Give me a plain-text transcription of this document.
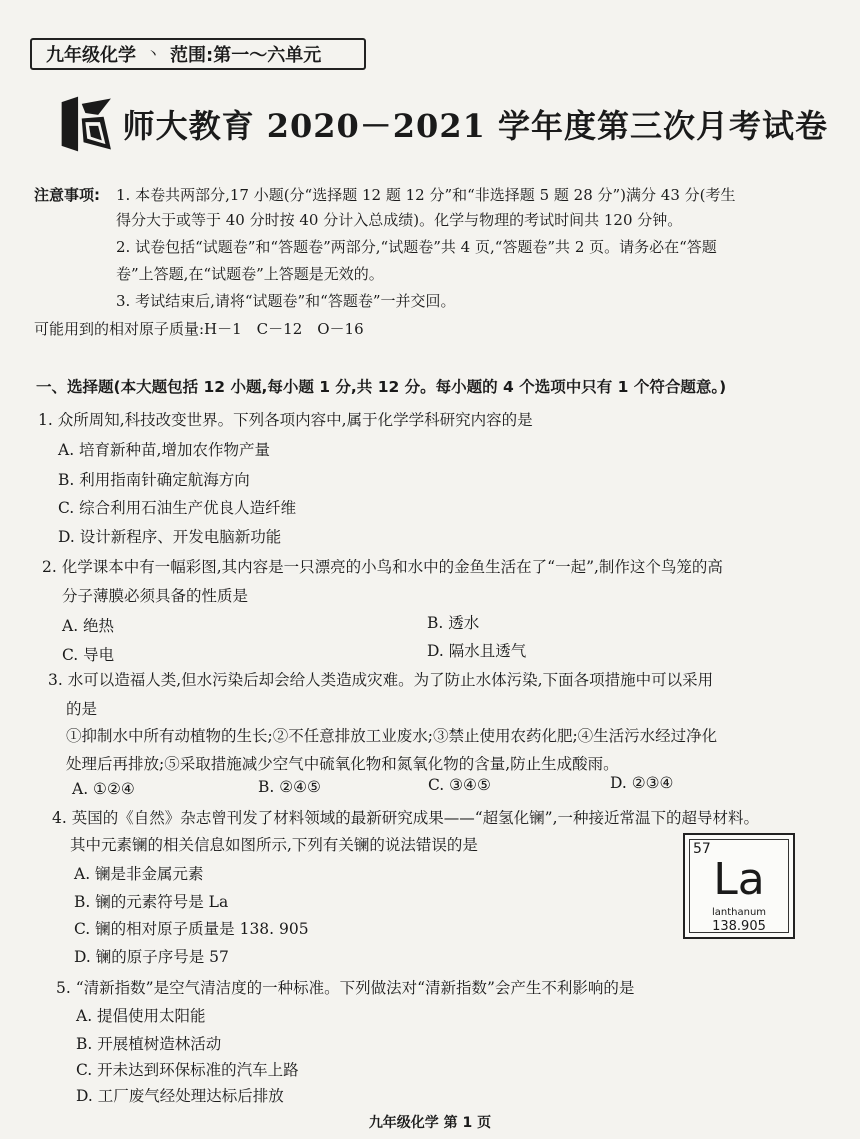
九年级化学 丶 范围:第一～六单元
师大教育 2020－2021 学年度第三次月考试卷
注意事项: 1. 本卷共两部分,17 小题(分“选择题 12 题 12 分”和“非选择题 5 题 28 分”)满分 43 分(考生
得分大于或等于 40 分时按 40 分计入总成绩)。化学与物理的考试时间共 120 分钟。
2. 试卷包括“试题卷”和“答题卷”两部分,“试题卷”共 4 页,“答题卷”共 2 页。请务必在“答题
卷”上答题,在“试题卷”上答题是无效的。
3. 考试结束后,请将“试题卷”和“答题卷”一并交回。
可能用到的相对原子质量:H－1　C－12　O－16
一、选择题(本大题包括 12 小题,每小题 1 分,共 12 分。每小题的 4 个选项中只有 1 个符合题意。)
1. 众所周知,科技改变世界。下列各项内容中,属于化学学科研究内容的是
A. 培育新种苗,增加农作物产量
B. 利用指南针确定航海方向
C. 综合利用石油生产优良人造纤维
D. 设计新程序、开发电脑新功能
2. 化学课本中有一幅彩图,其内容是一只漂亮的小鸟和水中的金鱼生活在了“一起”,制作这个鸟笼的高
分子薄膜必须具备的性质是
A. 绝热	B. 透水
C. 导电	D. 隔水且透气
3. 水可以造福人类,但水污染后却会给人类造成灾难。为了防止水体污染,下面各项措施中可以采用
的是
①抑制水中所有动植物的生长;②不任意排放工业废水;③禁止使用农药化肥;④生活污水经过净化
处理后再排放;⑤采取措施减少空气中硫氧化物和氮氧化物的含量,防止生成酸雨。
A. ①②④	B. ②④⑤	C. ③④⑤	D. ②③④
4. 英国的《自然》杂志曾刊发了材料领域的最新研究成果——“超氢化镧”,一种接近常温下的超导材料。
其中元素镧的相关信息如图所示,下列有关镧的说法错误的是
A. 镧是非金属元素
B. 镧的元素符号是 La
C. 镧的相对原子质量是 138. 905
D. 镧的原子序号是 57
57
La
lanthanum
138.905
5. “清新指数”是空气清洁度的一种标准。下列做法对“清新指数”会产生不利影响的是
A. 提倡使用太阳能
B. 开展植树造林活动
C. 开未达到环保标准的汽车上路
D. 工厂废气经处理达标后排放
九年级化学 第 1 页
